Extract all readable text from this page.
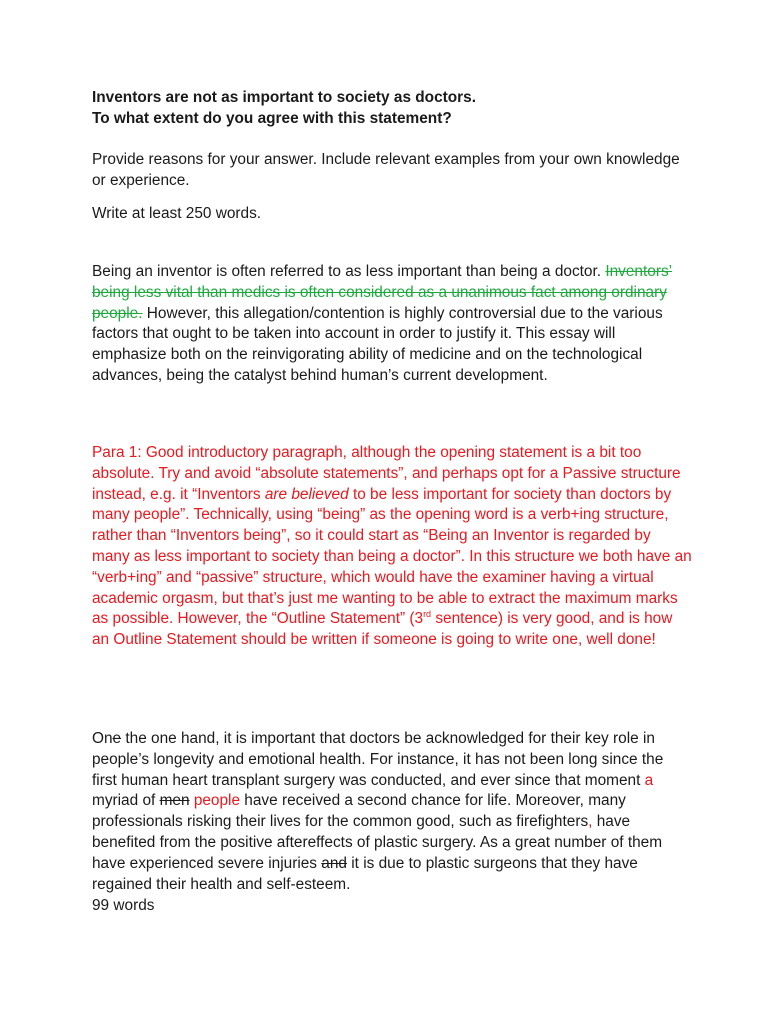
Inventors are not as important to society as doctors.

To what extent do you agree with this statement?

Provide reasons for your answer. Include relevant examples from your own knowledge or experience.

Write at least 250 words.

Being an inventor is often referred to as less important than being a doctor. Inventors’ being less vital than medics is often considered as a unanimous fact among ordinary people. However, this allegation/contention is highly controversial due to the various factors that ought to be taken into account in order to justify it. This essay will emphasize both on the reinvigorating ability of medicine and on the technological advances, being the catalyst behind human’s current development.

Para 1: Good introductory paragraph, although the opening statement is a bit too absolute. Try and avoid “absolute statements”, and perhaps opt for a Passive structure instead, e.g. it “Inventors are believed to be less important for society than doctors by many people”. Technically, using “being” as the opening word is a verb+ing structure, rather than “Inventors being”, so it could start as “Being an Inventor is regarded by many as less important to society than being a doctor”. In this structure we both have an “verb+ing” and “passive” structure, which would have the examiner having a virtual academic orgasm, but that’s just me wanting to be able to extract the maximum marks as possible. However, the “Outline Statement” (3rd sentence) is very good, and is how an Outline Statement should be written if someone is going to write one, well done!

One the one hand, it is important that doctors be acknowledged for their key role in people’s longevity and emotional health. For instance, it has not been long since the first human heart transplant surgery was conducted, and ever since that moment a myriad of men people have received a second chance for life. Moreover, many professionals risking their lives for the common good, such as firefighters, have benefited from the positive aftereffects of plastic surgery. As a great number of them have experienced severe injuries and it is due to plastic surgeons that they have regained their health and self-esteem.

99 words
